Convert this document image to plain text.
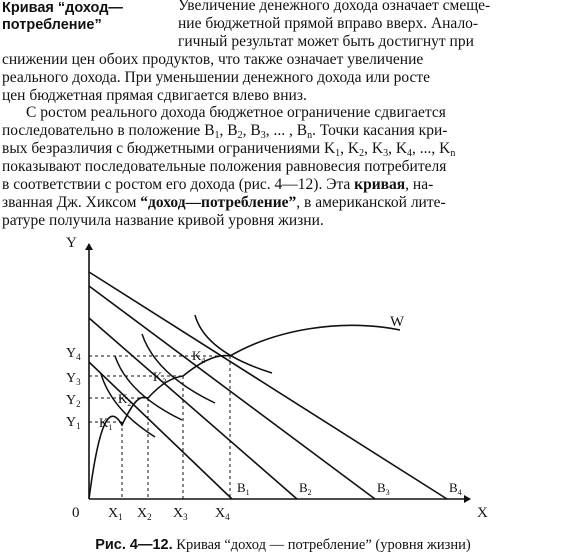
Кривая “доход—
потребление”
Увеличение денежного дохода означает смеще-
ние бюджетной прямой вправо вверх. Анало-
гичный результат может быть достигнут при
снижении цен обоих продуктов, что также означает увеличение
реального дохода. При уменьшении денежного дохода или росте
цен бюджетная прямая сдвигается влево вниз.
С ростом реального дохода бюджетное ограничение сдвигается
последовательно в положение $B_1$, $B_2$, $B_3$, ... , $B_n$. Точки касания кри-
вых безразличия с бюджетными ограничениями $K_1$, $K_2$, $K_3$, $K_4$, ..., $K_n$
показывают последовательные положения равновесия потребителя
в соответствии с ростом его дохода (рис. 4—12). Эта кривая, на-
званная Дж. Хиксом “доход—потребление”, в американской лите-
ратуре получила название кривой уровня жизни.
Y
X
0
W
$Y_4$
$Y_3$
$Y_2$
$Y_1$
$X_1$ $X_2$ $X_3$ $X_4$
$B_1$	$B_2$	$B_3$	$B_4$
$K_1$
$K_2$
$K_3$
$K_4$
Рис. 4—12. Кривая “доход — потребление” (уровня жизни)
